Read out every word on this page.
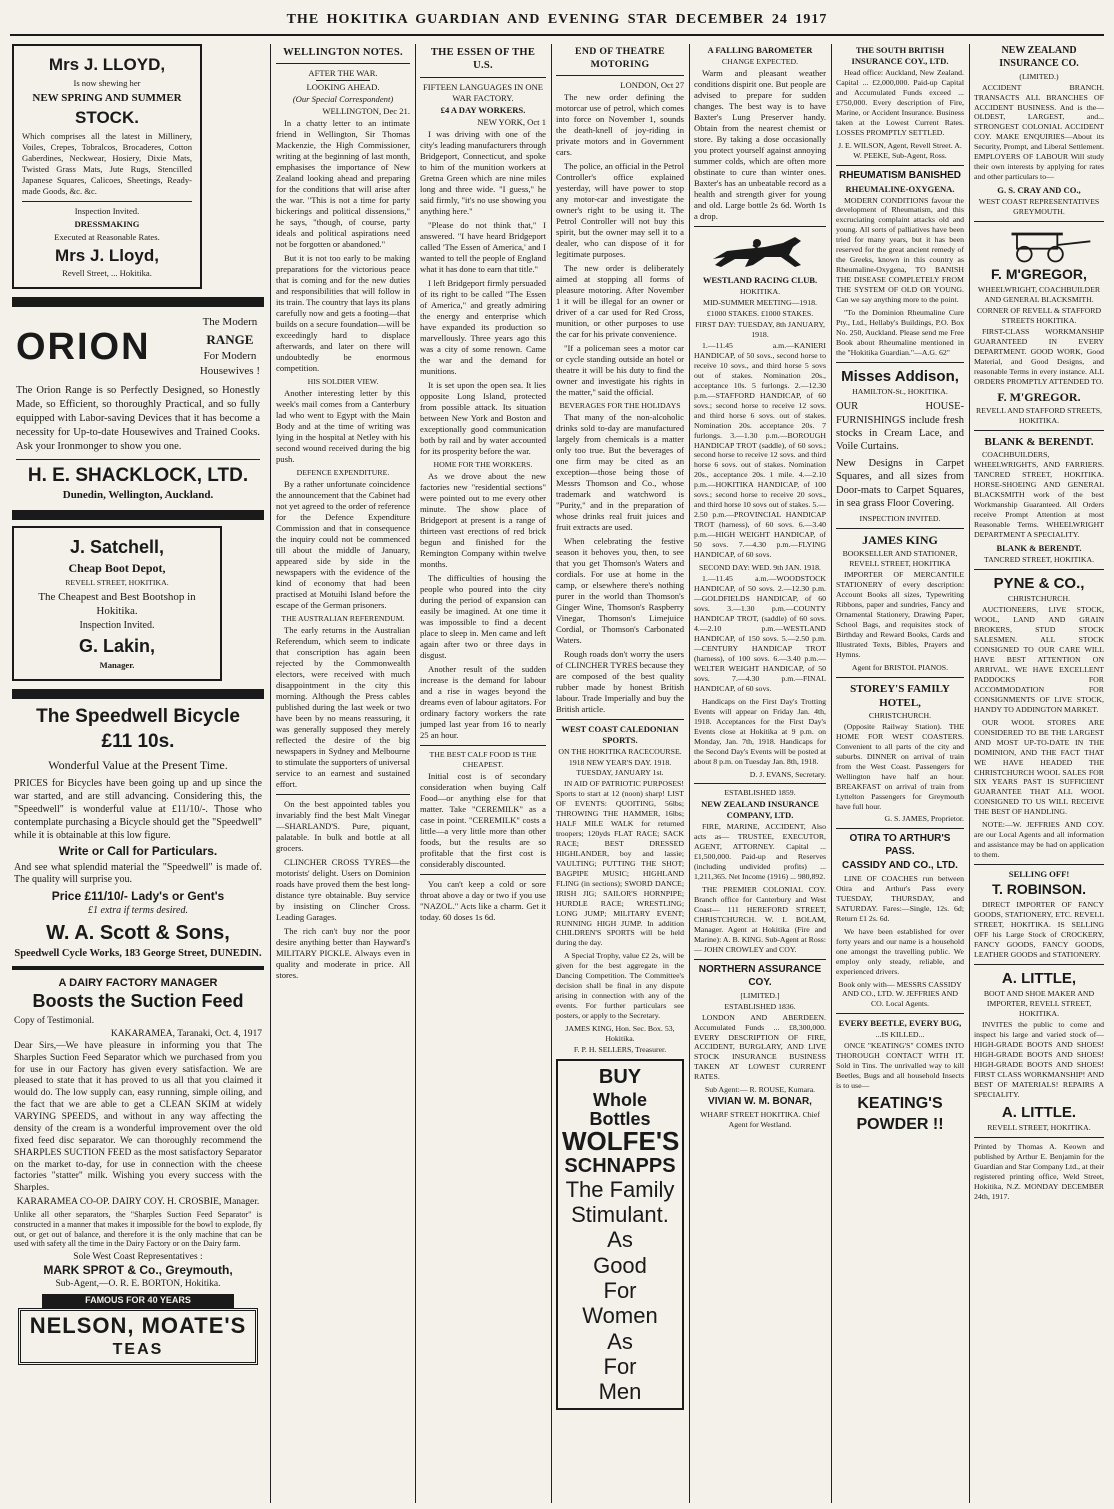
THE HOKITIKA GUARDIAN AND EVENING STAR DECEMBER 24 1917

Mrs J. LLOYD,

Is now shewing her

NEW SPRING AND SUMMER

STOCK.

Which comprises all the latest in Millinery, Voiles, Crepes, Tobralcos, Brocaderes, Cotton Gaberdines, Neckwear, Hosiery, Dixie Mats, Twisted Grass Mats, Jute Rugs, Stencilled Japanese Squares, Calicoes, Sheetings, Ready-made Goods, &c. &c.

Inspection Invited.

DRESSMAKING

Executed at Reasonable Rates.

Mrs J. Lloyd,

Revell Street, ... Hokitika.

ORION
The Modern
RANGE
For Modern
Housewives !

The Orion Range is so Perfectly Designed, so Honestly Made, so Efficient, so thoroughly Practical, and so fully equipped with Labor-saving Devices that it has become a necessity for Up-to-date Housewives and Trained Cooks. Ask your Ironmonger to show you one.

H. E. SHACKLOCK, LTD.
Dunedin, Wellington, Auckland.

J. Satchell,

Cheap Boot Depot,

REVELL STREET, HOKITIKA.

The Cheapest and Best Bootshop in Hokitika.

Inspection Invited.

G. Lakin,

Manager.

The Speedwell Bicycle
£11 10s.
Wonderful Value at the Present Time.

PRICES for Bicycles have been going up and up since the war started, and are still advancing. Considering this, the "Speedwell" is wonderful value at £11/10/-. Those who contemplate purchasing a Bicycle should get the "Speedwell" while it is obtainable at this low figure.

Write or Call for Particulars.

And see what splendid material the "Speedwell" is made of. The quality will surprise you.

Price £11/10/- Lady's or Gent's
£1 extra if terms desired.
W. A. Scott & Sons,
Speedwell Cycle Works, 183 George Street, DUNEDIN.
A DAIRY FACTORY MANAGER
Boosts the Suction Feed

Copy of Testimonial.

KAKARAMEA, Taranaki, Oct. 4, 1917

Dear Sirs,—We have pleasure in informing you that The Sharples Suction Feed Separator which we purchased from you for use in our Factory has given every satisfaction. We are pleased to state that it has proved to us all that you claimed it would do. The low supply can, easy running, simple oiling, and the fact that we are able to get a CLEAN SKIM at widely VARYING SPEEDS, and without in any way affecting the density of the cream is a wonderful improvement over the old fixed feed disc separator. We can thoroughly recommend the SHARPLES SUCTION FEED as the most satisfactory Separator on the market to-day, for use in connection with the cheese factories "statter" milk. Wishing you every success with the Sharples.

KARARAMEA CO-OP. DAIRY COY. H. CROSBIE, Manager.

Unlike all other separators, the "Sharples Suction Feed Separator" is constructed in a manner that makes it impossible for the bowl to explode, fly out, or get out of balance, and therefore it is the only machine that can be used with safety all the time in the Dairy Factory or on the Dairy farm.

Sole West Coast Representatives :
MARK SPROT & Co., Greymouth,
Sub-Agent,—O. R. E. BORTON, Hokitika.
FAMOUS FOR 40 YEARS
NELSON, MOATE'S
TEAS
WELLINGTON NOTES.
AFTER THE WAR.
LOOKING AHEAD.
(Our Special Correspondent)
WELLINGTON, Dec 21.

In a chatty letter to an intimate friend in Wellington, Sir Thomas Mackenzie, the High Commissioner, writing at the beginning of last month, emphasises the importance of New Zealand looking ahead and preparing for the conditions that will arise after the war. "This is not a time for party bickerings and political dissensions," he says, "though, of course, party ideals and political aspirations need not be forgotten or abandoned."

But it is not too early to be making preparations for the victorious peace that is coming and for the new duties and responsibilities that will follow in its train. The country that lays its plans carefully now and gets a footing—that builds on a secure foundation—will be exceedingly hard to displace afterwards, and later on there will undoubtedly be enormous competition.

HIS SOLDIER VIEW.

Another interesting letter by this week's mail comes from a Canterbury lad who went to Egypt with the Main Body and at the time of writing was lying in the hospital at Netley with his second wound received during the big push.

DEFENCE EXPENDITURE.

By a rather unfortunate coincidence the announcement that the Cabinet had not yet agreed to the order of reference for the Defence Expenditure Commission and that in consequence the inquiry could not be commenced till about the middle of January, appeared side by side in the newspapers with the evidence of the kind of economy that had been practised at Motuihi Island before the escape of the German prisoners.

THE AUSTRALIAN REFERENDUM.

The early returns in the Australian Referendum, which seem to indicate that conscription has again been rejected by the Commonwealth electors, were received with much disappointment in the city this morning. Although the Press cables published during the last week or two have been by no means reassuring, it was generally supposed they merely reflected the desire of the big newspapers in Sydney and Melbourne to stimulate the supporters of universal service to an earnest and sustained effort.

On the best appointed tables you invariably find the best Malt Vinegar—SHARLAND'S. Pure, piquant, palatable. In bulk and bottle at all grocers.

CLINCHER CROSS TYRES—the motorists' delight. Users on Dominion roads have proved them the best long-distance tyre obtainable. Buy service by insisting on Clincher Cross. Leading Garages.

The rich can't buy nor the poor desire anything better than Hayward's MILITARY PICKLE. Always even in quality and moderate in price. All stores.

THE ESSEN OF THE U.S.
FIFTEEN LANGUAGES IN ONE WAR FACTORY.
£4 A DAY WORKERS.
NEW YORK, Oct 1

I was driving with one of the city's leading manufacturers through Bridgeport, Connecticut, and spoke to him of the munition workers at Gretna Green which are nine miles long and three wide. "I guess," he said firmly, "it's no use showing you anything here."

"Please do not think that," I answered. "I have heard Bridgeport called 'The Essen of America,' and I wanted to tell the people of England what it has done to earn that title."

I left Bridgeport firmly persuaded of its right to be called "The Essen of America," and greatly admiring the energy and enterprise which have expanded its production so marvellously. Three years ago this was a city of some renown. Came the war and the demand for munitions.

It is set upon the open sea. It lies opposite Long Island, protected from possible attack. Its situation between New York and Boston and exceptionally good communication both by rail and by water accounted for its prosperity before the war.

HOME FOR THE WORKERS.

As we drove about the new factories new "residential sections" were pointed out to me every other minute. The show place of Bridgeport at present is a range of thirteen vast erections of red brick begun and finished for the Remington Company within twelve months.

The difficulties of housing the people who poured into the city during the period of expansion can easily be imagined. At one time it was impossible to find a decent place to sleep in. Men came and left again after two or three days in disgust.

Another result of the sudden increase is the demand for labour and a rise in wages beyond the dreams even of labour agitators. For ordinary factory workers the rate jumped last year from 16 to nearly 25 an hour.

THE BEST CALF FOOD IS THE CHEAPEST.

Initial cost is of secondary consideration when buying Calf Food—or anything else for that matter. Take "CEREMILK" as a case in point. "CEREMILK" costs a little—a very little more than other foods, but the results are so profitable that the first cost is considerably discounted.

You can't keep a cold or sore throat above a day or two if you use "NAZOL." Acts like a charm. Get it today. 60 doses 1s 6d.

END OF THEATRE MOTORING
LONDON, Oct 27

The new order defining the motorcar use of petrol, which comes into force on November 1, sounds the death-knell of joy-riding in private motors and in Government cars.

The police, an official in the Petrol Controller's office explained yesterday, will have power to stop any motor-car and investigate the owner's right to be using it. The Petrol Controller will not buy this spirit, but the owner may sell it to a dealer, who can dispose of it for legitimate purposes.

The new order is deliberately aimed at stopping all forms of pleasure motoring. After November 1 it will be illegal for an owner or driver of a car used for Red Cross, munition, or other purposes to use the car for his private convenience.

"If a policeman sees a motor car or cycle standing outside an hotel or theatre it will be his duty to find the owner and investigate his rights in the matter," said the official.

BEVERAGES FOR THE HOLIDAYS

That many of the non-alcoholic drinks sold to-day are manufactured largely from chemicals is a matter only too true. But the beverages of one firm may be cited as an exception—those being those of Messrs Thomson and Co., whose trademark and watchword is "Purity," and in the preparation of whose drinks real fruit juices and fruit extracts are used.

When celebrating the festive season it behoves you, then, to see that you get Thomson's Waters and cordials. For use at home in the camp, or elsewhere there's nothing purer in the world than Thomson's Ginger Wine, Thomson's Raspberry Vinegar, Thomson's Limejuice Cordial, or Thomson's Carbonated Waters.

Rough roads don't worry the users of CLINCHER TYRES because they are composed of the best quality rubber made by honest British labour. Trade Imperially and buy the British article.

WEST COAST CALEDONIAN SPORTS.
ON THE HOKITIKA RACECOURSE.
1918 NEW YEAR'S DAY. 1918. TUESDAY, JANUARY 1st.

IN AID OF PATRIOTIC PURPOSES! Sports to start at 12 (noon) sharp! LIST OF EVENTS: QUOITING, 56lbs; THROWING THE HAMMER, 16lbs; HALF MILE WALK for returned troopers; 120yds FLAT RACE; SACK RACE; BEST DRESSED HIGHLANDER, boy and lassie; VAULTING; PUTTING THE SHOT; BAGPIPE MUSIC; HIGHLAND FLING (in sections); SWORD DANCE; IRISH JIG; SAILOR'S HORNPIPE; HURDLE RACE; WRESTLING; LONG JUMP; MILITARY EVENT; RUNNING HIGH JUMP. In addition CHILDREN'S SPORTS will be held during the day.

A Special Trophy, value £2 2s, will be given for the best aggregate in the Dancing Competition. The Committee's decision shall be final in any dispute arising in connection with any of the events. For further particulars see posters, or apply to the Secretary.

JAMES KING, Hon. Sec. Box. 53, Hokitika.
F. P. H. SELLERS, Treasurer.
BUY
Whole Bottles
WOLFE'S
SCHNAPPS
The Family
Stimulant.
As
Good
For
Women
As
For
Men
A FALLING BAROMETER
CHANGE EXPECTED.

Warm and pleasant weather conditions dispirit one. But people are advised to prepare for sudden changes. The best way is to have Baxter's Lung Preserver handy. Obtain from the nearest chemist or store. By taking a dose occasionally you protect yourself against annoying summer colds, which are often more obstinate to cure than winter ones. Baxter's has an unbeatable record as a health and strength giver for young and old. Large bottle 2s 6d. Worth 1s a drop.

WESTLAND RACING CLUB.
HOKITIKA.
MID-SUMMER MEETING—1918.
£1000 STAKES. £1000 STAKES.
FIRST DAY: TUESDAY, 8th JANUARY, 1918.

1.—11.45 a.m.—KANIERI HANDICAP, of 50 sovs., second horse to receive 10 sovs., and third horse 5 sovs out of stakes. Nomination 20s., acceptance 10s. 5 furlongs. 2.—12.30 p.m.—STAFFORD HANDICAP, of 60 sovs.; second horse to receive 12 sovs. and third horse 6 sovs. out of stakes. Nomination 20s. acceptance 20s. 7 furlongs. 3.—1.30 p.m.—BOROUGH HANDICAP TROT (saddle), of 60 sovs.; second horse to receive 12 sovs. and third horse 6 sovs. out of stakes. Nomination 20s., acceptance 20s. 1 mile. 4.—2.10 p.m.—HOKITIKA HANDICAP, of 100 sovs.; second horse to receive 20 sovs., and third horse 10 sovs out of stakes. 5.—2.50 p.m.—PROVINCIAL HANDICAP TROT (harness), of 60 sovs. 6.—3.40 p.m.—HIGH WEIGHT HANDICAP, of 50 sovs. 7.—4.30 p.m.—FLYING HANDICAP, of 60 sovs.

SECOND DAY: WED. 9th JAN. 1918.

1.—11.45 a.m.—WOODSTOCK HANDICAP, of 50 sovs. 2.—12.30 p.m.—GOLDFIELDS HANDICAP, of 60 sovs. 3.—1.30 p.m.—COUNTY HANDICAP TROT, (saddle) of 60 sovs. 4.—2.10 p.m.—WESTLAND HANDICAP, of 150 sovs. 5.—2.50 p.m.—CENTURY HANDICAP TROT (harness), of 100 sovs. 6.—3.40 p.m.—WELTER WEIGHT HANDICAP, of 50 sovs. 7.—4.30 p.m.—FINAL HANDICAP, of 60 sovs.

Handicaps on the First Day's Trotting Events will appear on Friday Jan. 4th, 1918. Acceptances for the First Day's Events close at Hokitika at 9 p.m. on Monday, Jan. 7th, 1918. Handicaps for the Second Day's Events will be posted at about 8 p.m. on Tuesday Jan. 8th, 1918.

D. J. EVANS, Secretary.
ESTABLISHED 1859.
NEW ZEALAND INSURANCE COMPANY, LTD.

FIRE, MARINE, ACCIDENT, Also acts as— TRUSTEE, EXECUTOR, AGENT, ATTORNEY. Capital ... £1,500,000. Paid-up and Reserves (including undivided profits) ... 1,211,365. Net Income (1916) ... 980,892.

THE PREMIER COLONIAL COY. Branch office for Canterbury and West Coast— 111 HEREFORD STREET, CHRISTCHURCH. W. I. BOLAM, Manager. Agent at Hokitika (Fire and Marine): A. B. KING. Sub-Agent at Ross:— JOHN CROWLEY and COY.

NORTHERN ASSURANCE COY.
[LIMITED.]
ESTABLISHED 1836.

LONDON AND ABERDEEN. Accumulated Funds ... £8,300,000. EVERY DESCRIPTION OF FIRE, ACCIDENT, BURGLARY, AND LIVE STOCK INSURANCE BUSINESS TAKEN AT LOWEST CURRENT RATES.

Sub Agent:— R. ROUSE, Kumara.
VIVIAN W. M. BONAR,
WHARF STREET HOKITIKA. Chief Agent for Westland.
THE SOUTH BRITISH INSURANCE COY., LTD.

Head office: Auckland, New Zealand. Capital ... £2,000,000. Paid-up Capital and Accumulated Funds exceed ... £750,000. Every description of Fire, Marine, or Accident Insurance. Business taken at the Lowest Current Rates. LOSSES PROMPTLY SETTLED.

J. E. WILSON, Agent, Revell Street. A. W. PEEKE, Sub-Agent, Ross.
RHEUMATISM BANISHED
RHEUMALINE-OXYGENA.

MODERN CONDITIONS favour the development of Rheumatism, and this excruciating complaint attacks old and young. All sorts of palliatives have been tried for many years, but it has been reserved for the great ancient remedy of the Greeks, known in this country as Rheumaline-Oxygena, TO BANISH THE DISEASE COMPLETELY FROM THE SYSTEM OF OLD OR YOUNG. Can we say anything more to the point.

"To the Dominion Rheumaline Cure Pty., Ltd., Hellaby's Buildings, P.O. Box No. 250, Auckland. Please send me Free Book about Rheumaline mentioned in the "Hokitika Guardian."—A.G. 62"

Misses Addison,
HAMILTON-St., HOKITIKA.

OUR HOUSE-FURNISHINGS include fresh stocks in Cream Lace, and Voile Curtains.

New Designs in Carpet Squares, and all sizes from Door-mats to Carpet Squares, in sea grass Floor Covering.

INSPECTION INVITED.
JAMES KING
BOOKSELLER AND STATIONER, REVELL STREET, HOKITIKA

IMPORTER OF MERCANTILE STATIONERY of every description: Account Books all sizes, Typewriting Ribbons, paper and sundries, Fancy and Ornamental Stationery, Drawing Paper, School Bags, and requisites stock of Birthday and Reward Books, Cards and Illustrated Texts, Bibles, Prayers and Hymns.

Agent for BRISTOL PIANOS.
STOREY'S FAMILY HOTEL,
CHRISTCHURCH.

(Opposite Railway Station). THE HOME FOR WEST COASTERS. Convenient to all parts of the city and suburbs. DINNER on arrival of train from the West Coast. Passengers for Wellington have half an hour. BREAKFAST on arrival of train from Lyttelton Passengers for Greymouth have full hour.

G. S. JAMES, Proprietor.
OTIRA TO ARTHUR'S PASS.
CASSIDY AND CO., LTD.

LINE OF COACHES run between Otira and Arthur's Pass every TUESDAY, THURSDAY, and SATURDAY. Fares:—Single, 12s. 6d; Return £1 2s. 6d.

We have been established for over forty years and our name is a household one amongst the travelling public. We employ only steady, reliable, and experienced drivers.

Book only with— MESSRS CASSIDY AND CO., LTD. W. JEFFRIES AND CO. Local Agents.
EVERY BEETLE, EVERY BUG,
...IS KILLED...

ONCE "KEATING'S" COMES INTO THOROUGH CONTACT WITH IT. Sold in Tins. The unrivalled way to kill Beetles, Bugs and all household Insects is to use—

KEATING'S POWDER !!
NEW ZEALAND INSURANCE CO.
(LIMITED.)

ACCIDENT BRANCH. TRANSACTS ALL BRANCHES OF ACCIDENT BUSINESS. And is the— OLDEST, LARGEST, and... STRONGEST COLONIAL ACCIDENT COY. MAKE ENQUIRIES—About its Security, Prompt, and Liberal Settlement. EMPLOYERS OF LABOUR Will study their own interests by applying for rates and other particulars to—

G. S. CRAY AND CO.,
WEST COAST REPRESENTATIVES GREYMOUTH.
F. M'GREGOR,
WHEELWRIGHT, COACHBUILDER AND GENERAL BLACKSMITH.
CORNER OF REVELL & STAFFORD STREETS HOKITIKA.

FIRST-CLASS WORKMANSHIP GUARANTEED IN EVERY DEPARTMENT. GOOD WORK, Good Material, and Good Designs, and reasonable Terms in every instance. ALL ORDERS PROMPTLY ATTENDED TO.

F. M'GREGOR.
REVELL AND STAFFORD STREETS, HOKITIKA.
BLANK & BERENDT.

COACHBUILDERS, WHEELWRIGHTS, AND FARRIERS. TANCRED STREET, HOKITIKA. HORSE-SHOEING AND GENERAL BLACKSMITH work of the best Workmanship Guaranteed. All Orders receive Prompt Attention at most Reasonable Terms. WHEELWRIGHT DEPARTMENT A SPECIALITY.

BLANK & BERENDT.
TANCRED STREET, HOKITIKA.
PYNE & CO.,
CHRISTCHURCH.

AUCTIONEERS, LIVE STOCK, WOOL, LAND AND GRAIN BROKERS, STUD STOCK SALESMEN. ALL STOCK CONSIGNED TO OUR CARE WILL HAVE BEST ATTENTION ON ARRIVAL. WE HAVE EXCELLENT PADDOCKS FOR ACCOMMODATION FOR CONSIGNMENTS OF LIVE STOCK, HANDY TO ADDINGTON MARKET.

OUR WOOL STORES ARE CONSIDERED TO BE THE LARGEST AND MOST UP-TO-DATE IN THE DOMINION, AND THE FACT THAT WE HAVE HEADED THE CHRISTCHURCH WOOL SALES FOR SIX YEARS PAST IS SUFFICIENT GUARANTEE THAT ALL WOOL CONSIGNED TO US WILL RECEIVE THE BEST OF HANDLING.

NOTE:—W. JEFFRIES AND COY. are our Local Agents and all information and assistance may be had on application to them.

SELLING OFF!
T. ROBINSON.

DIRECT IMPORTER OF FANCY GOODS, STATIONERY, ETC. REVELL STREET, HOKITIKA. IS SELLING OFF his Large Stock of CROCKERY, FANCY GOODS, FANCY GOODS, LEATHER GOODS and STATIONERY.

A. LITTLE,
BOOT AND SHOE MAKER AND IMPORTER, REVELL STREET, HOKITIKA.

INVITES the public to come and inspect his large and varied stock of— HIGH-GRADE BOOTS AND SHOES! HIGH-GRADE BOOTS AND SHOES! HIGH-GRADE BOOTS AND SHOES! FIRST CLASS WORKMANSHIP! AND BEST OF MATERIALS! REPAIRS A SPECIALITY.

A. LITTLE.
REVELL STREET, HOKITIKA.

Printed by Thomas A. Keown and published by Arthur E. Benjamin for the Guardian and Star Company Ltd., at their registered printing office, Weld Street, Hokitika, N.Z. MONDAY DECEMBER 24th, 1917.
